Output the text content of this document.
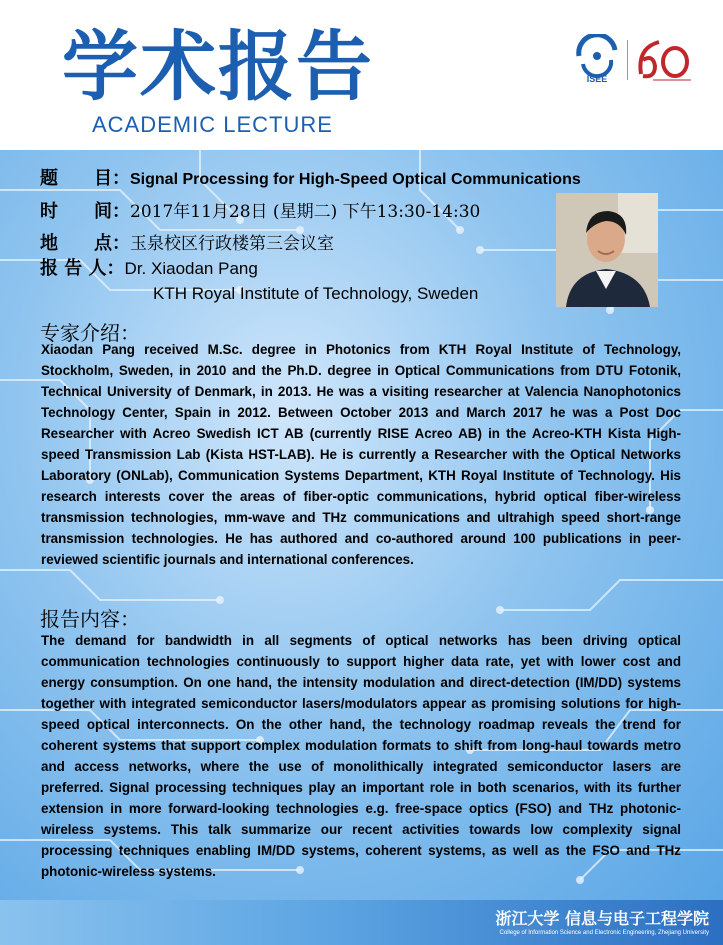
学术报告
ACADEMIC LECTURE
ISEE
题　　目：Signal Processing for High-Speed Optical Communications
时　　间：2017年11月28日 (星期二) 下午13:30-14:30
地　　点：玉泉校区行政楼第三会议室
报 告 人：Dr. Xiaodan Pang
KTH Royal Institute of Technology, Sweden
专家介绍：
Xiaodan Pang received M.Sc. degree in Photonics from KTH Royal Institute of Technology, Stockholm, Sweden, in 2010 and the Ph.D. degree in Optical Communications from DTU Fotonik, Technical University of Denmark, in 2013. He was a visiting researcher at Valencia Nanophotonics Technology Center, Spain in 2012. Between October 2013 and March 2017 he was a Post Doc Researcher with Acreo Swedish ICT AB (currently RISE Acreo AB) in the Acreo-KTH Kista High-speed Transmission Lab (Kista HST-LAB). He is currently a Researcher with the Optical Networks Laboratory (ONLab), Communication Systems Department, KTH Royal Institute of Technology. His research interests cover the areas of fiber-optic communications, hybrid optical fiber-wireless transmission technologies, mm-wave and THz communications and ultrahigh speed short-range transmission technologies. He has authored and co-authored around 100 publications in peer-reviewed scientific journals and international conferences.
报告内容：
The demand for bandwidth in all segments of optical networks has been driving optical communication technologies continuously to support higher data rate, yet with lower cost and energy consumption. On one hand, the intensity modulation and direct-detection (IM/DD) systems together with integrated semiconductor lasers/modulators appear as promising solutions for high-speed optical interconnects. On the other hand, the technology roadmap reveals the trend for coherent systems that support complex modulation formats to shift from long-haul towards metro and access networks, where the use of monolithically integrated semiconductor lasers are preferred. Signal processing techniques play an important role in both scenarios, with its further extension in more forward-looking technologies e.g. free-space optics (FSO) and THz photonic-wireless systems. This talk summarize our recent activities towards low complexity signal processing techniques enabling IM/DD systems, coherent systems, as well as the FSO and THz photonic-wireless systems.
浙江大学 信息与电子工程学院
College of Information Science and Electronic Engineering, Zhejiang University
